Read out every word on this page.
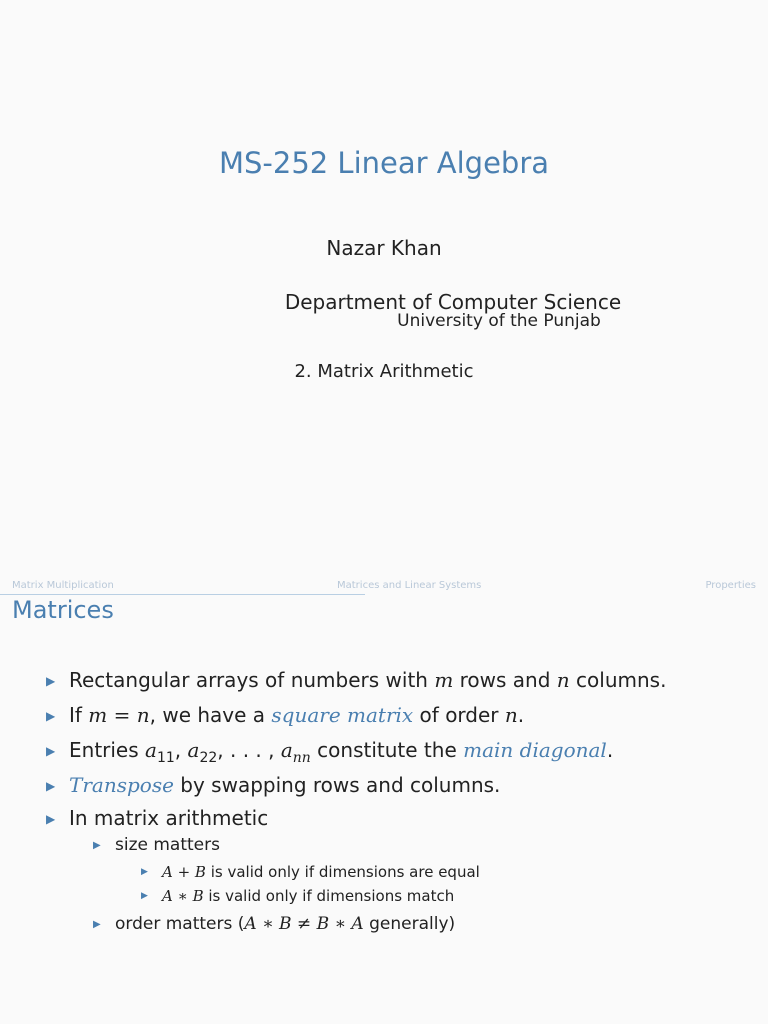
MS-252 Linear Algebra
Nazar Khan
Department of Computer Science
University of the Punjab
2. Matrix Arithmetic
Matrix Multiplication	Matrices and Linear Systems	Properties
Matrices
▶ Rectangular arrays of numbers with m rows and n columns.
▶ If m = n, we have a square matrix of order n.
▶ Entries $a_{11}$, $a_{22}$, . . . , $a_{nn}$ constitute the main diagonal.
▶ Transpose by swapping rows and columns.
▶ In matrix arithmetic
▶ size matters
▶ A + B is valid only if dimensions are equal
▶ A ∗ B is valid only if dimensions match
▶ order matters (A ∗ B ≠ B ∗ A generally)
